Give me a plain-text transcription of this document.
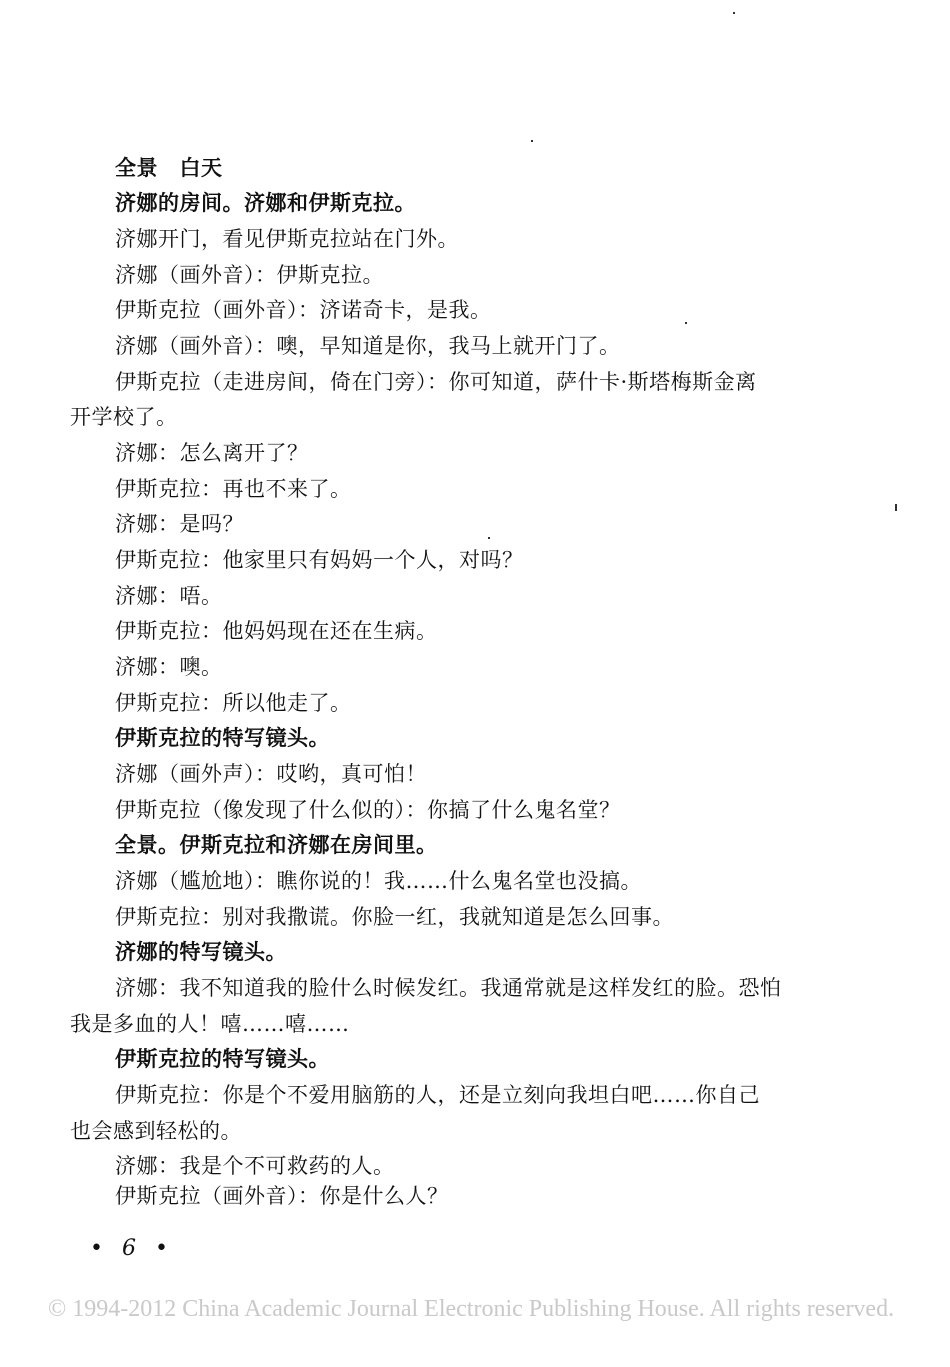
全景　白天
济娜的房间。济娜和伊斯克拉。
济娜开门，看见伊斯克拉站在门外。
济娜（画外音）：伊斯克拉。
伊斯克拉（画外音）：济诺奇卡，是我。
济娜（画外音）：噢，早知道是你，我马上就开门了。
伊斯克拉（走进房间，倚在门旁）：你可知道，萨什卡·斯塔梅斯金离
开学校了。
济娜：怎么离开了？
伊斯克拉：再也不来了。
济娜：是吗？
伊斯克拉：他家里只有妈妈一个人，对吗？
济娜：唔。
伊斯克拉：他妈妈现在还在生病。
济娜：噢。
伊斯克拉：所以他走了。
伊斯克拉的特写镜头。
济娜（画外声）：哎哟，真可怕！
伊斯克拉（像发现了什么似的）：你搞了什么鬼名堂？
全景。伊斯克拉和济娜在房间里。
济娜（尴尬地）：瞧你说的！我……什么鬼名堂也没搞。
伊斯克拉：别对我撒谎。你脸一红，我就知道是怎么回事。
济娜的特写镜头。
济娜：我不知道我的脸什么时候发红。我通常就是这样发红的脸。恐怕
我是多血的人！嘻……嘻……
伊斯克拉的特写镜头。
伊斯克拉：你是个不爱用脑筋的人，还是立刻向我坦白吧……你自己
也会感到轻松的。
济娜：我是个不可救药的人。
伊斯克拉（画外音）：你是什么人？
• 6 •
© 1994-2012 China Academic Journal Electronic Publishing House. All rights reserved.
